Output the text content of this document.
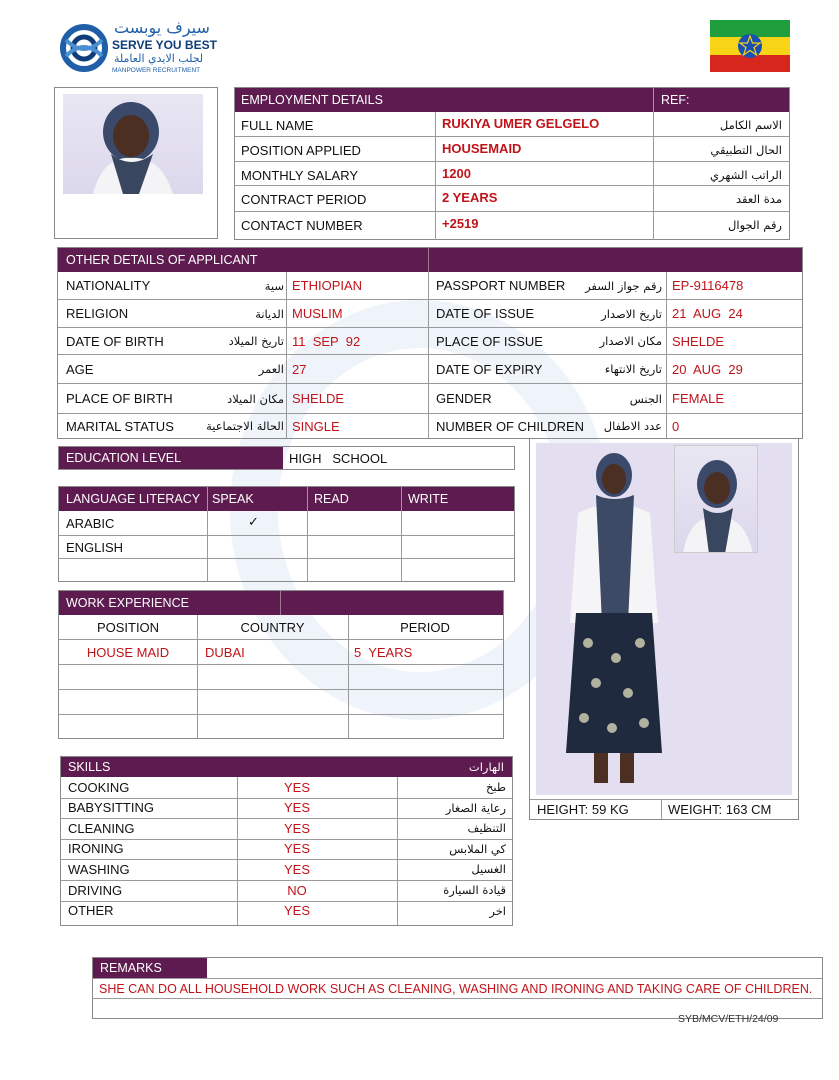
سيرف يوبست
SERVE YOU BEST
لجلب الايدي العاملة
MANPOWER RECRUITMENT
EMPLOYMENT DETAILS	REF:
FULL NAME	RUKIYA UMER GELGELO	الاسم الكامل
POSITION APPLIED	HOUSEMAID	الحال التطبيقي
MONTHLY SALARY	1200	الراتب الشهري
CONTRACT PERIOD	2 YEARS	مدة العقد
CONTACT NUMBER	+2519	رقم الجوال
OTHER DETAILS OF APPLICANT
NATIONALITY	سية ETHIOPIAN	PASSPORT NUMBER	رقم جواز السفر EP-9116478
RELIGION	الديانة MUSLIM	DATE OF ISSUE	تاريخ الاصدار 21  AUG  24
DATE OF BIRTH	تاريخ الميلاد 11  SEP  92	PLACE OF ISSUE	مكان الاصدار SHELDE
AGE	العمر 27	DATE OF EXPIRY	تاريخ الانتهاء 20  AUG  29
PLACE OF BIRTH	مكان الميلاد SHELDE	GENDER	الجنس FEMALE
MARITAL STATUS	الحالة الاجتماعية SINGLE	NUMBER OF CHILDREN	عدد الاطفال 0
EDUCATION LEVEL	HIGH   SCHOOL
LANGUAGE LITERACY SPEAK	READ	WRITE
ARABIC	✓
ENGLISH
WORK EXPERIENCE
POSITION	COUNTRY	PERIOD
HOUSE MAID	DUBAI	5  YEARS
HEIGHT: 59 KG	WEIGHT: 163 CM
SKILLS	الهارات
COOKING	YES	طبخ
BABYSITTING	YES	رعاية الصغار
CLEANING	YES	التنظيف
IRONING	YES	كي الملابس
WASHING	YES	الغسيل
DRIVING	NO	قيادة السيارة
OTHER	YES	اخر
REMARKS
SHE CAN DO ALL HOUSEHOLD WORK SUCH AS CLEANING, WASHING AND IRONING AND TAKING CARE OF CHILDREN.
SYB/MCV/ETH/24/09
